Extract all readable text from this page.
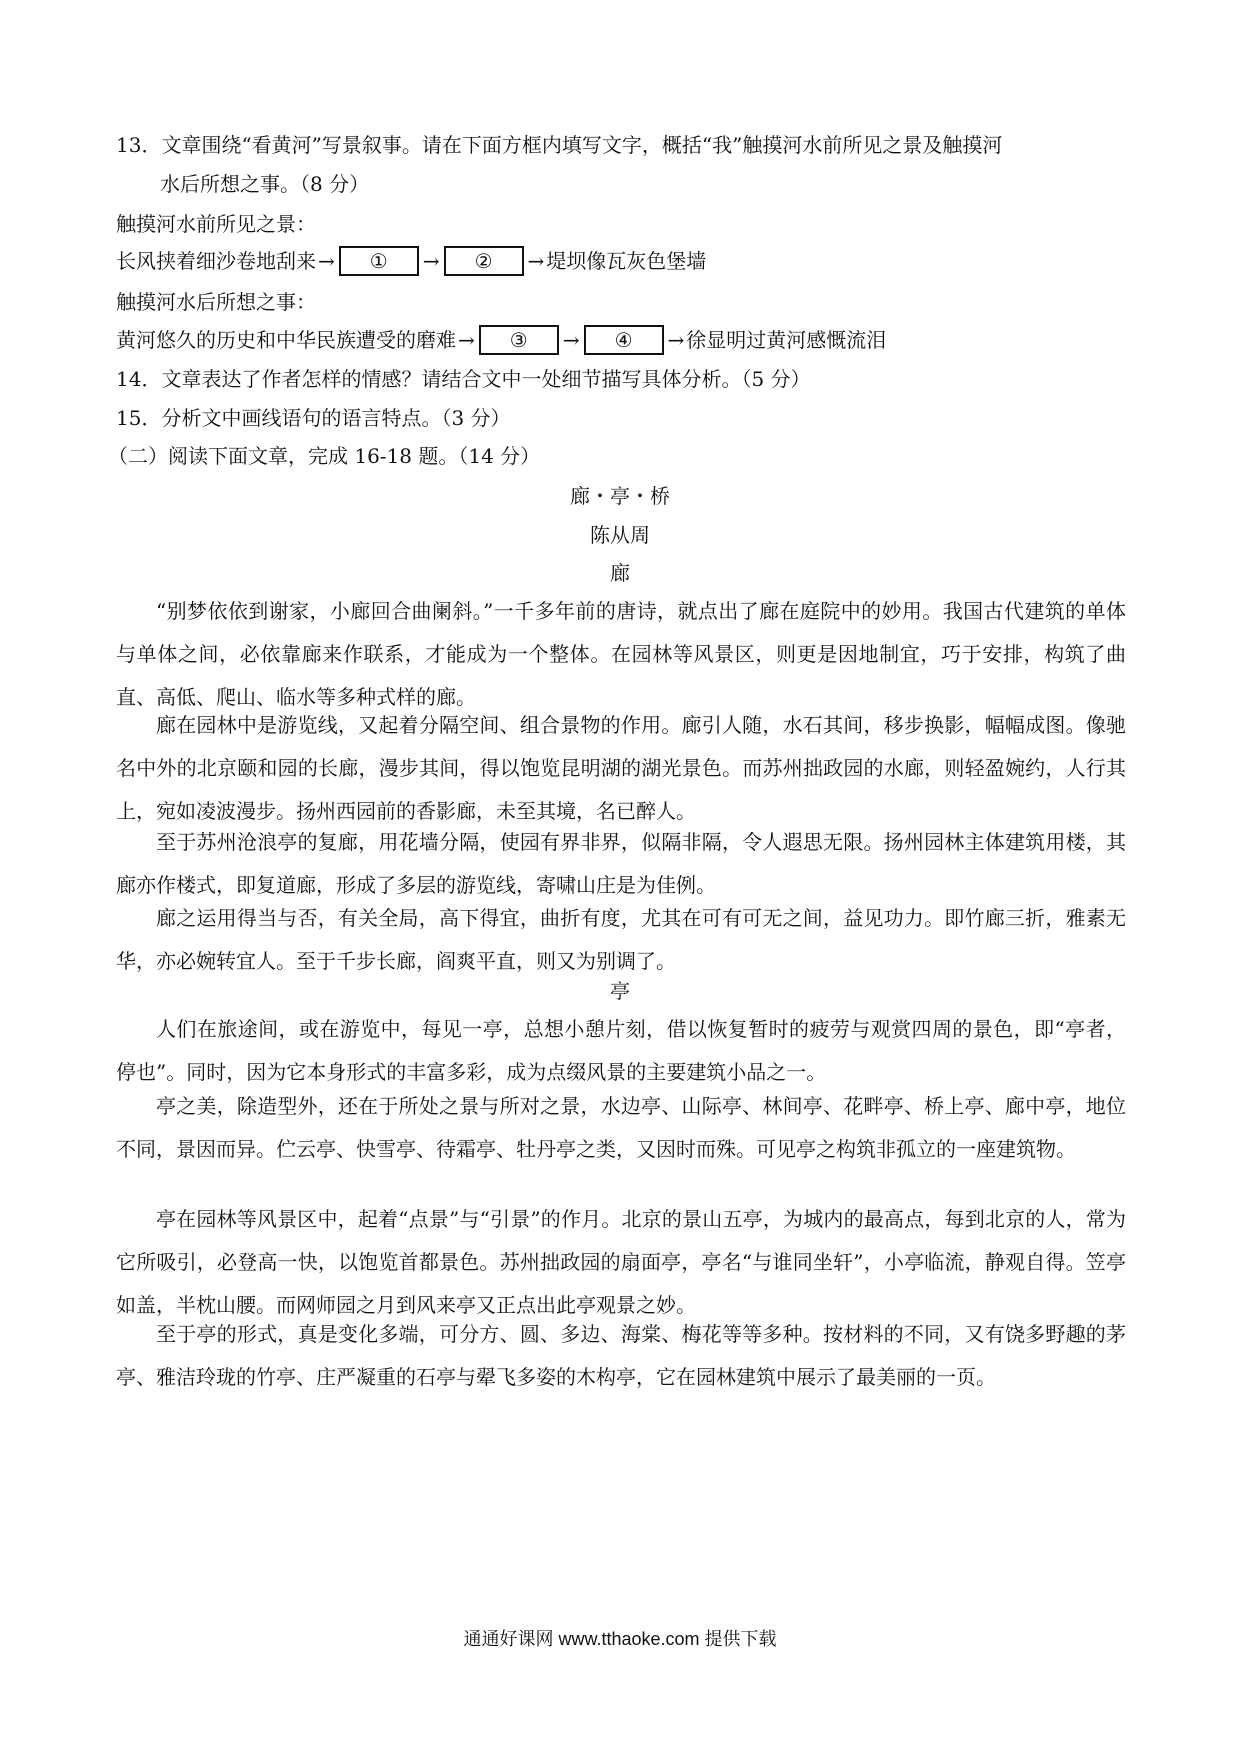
13．文章围绕“看黄河”写景叙事。请在下面方框内填写文字，概括“我”触摸河水前所见之景及触摸河
水后所想之事。（8 分）
触摸河水前所见之景：
长风挟着细沙卷地刮来 →	①	→	②	→ 堤坝像瓦灰色堡墙
触摸河水后所想之事：
黄河悠久的历史和中华民族遭受的磨难 →	③	→	④	→ 徐显明过黄河感慨流泪
14．文章表达了作者怎样的情感？请结合文中一处细节描写具体分析。（5 分）
15．分析文中画线语句的语言特点。（3 分）
（二）阅读下面文章，完成 16-18 题。（14 分）
廊・亭・桥
陈从周
廊
“别梦依依到谢家，小廊回合曲阑斜。”一千多年前的唐诗，就点出了廊在庭院中的妙用。我国古代建筑的单体与单体之间，必依靠廊来作联系，才能成为一个整体。在园林等风景区，则更是因地制宜，巧于安排，构筑了曲直、高低、爬山、临水等多种式样的廊。
廊在园林中是游览线，又起着分隔空间、组合景物的作用。廊引人随，水石其间，移步换影，幅幅成图。像驰名中外的北京颐和园的长廊，漫步其间，得以饱览昆明湖的湖光景色。而苏州拙政园的水廊，则轻盈婉约，人行其上，宛如凌波漫步。扬州西园前的香影廊，未至其境，名已醉人。
至于苏州沧浪亭的复廊，用花墙分隔，使园有界非界，似隔非隔，令人遐思无限。扬州园林主体建筑用楼，其廊亦作楼式，即复道廊，形成了多层的游览线，寄啸山庄是为佳例。
廊之运用得当与否，有关全局，高下得宜，曲折有度，尤其在可有可无之间，益见功力。即竹廊三折，雅素无华，亦必婉转宜人。至于千步长廊，阎爽平直，则又为别调了。
亭
人们在旅途间，或在游览中，每见一亭，总想小憩片刻，借以恢复暂时的疲劳与观赏四周的景色，即“亭者，停也”。同时，因为它本身形式的丰富多彩，成为点缀风景的主要建筑小品之一。
亭之美，除造型外，还在于所处之景与所对之景，水边亭、山际亭、林间亭、花畔亭、桥上亭、廊中亭，地位不同，景因而异。伫云亭、快雪亭、待霜亭、牡丹亭之类，又因时而殊。可见亭之构筑非孤立的一座建筑物。
亭在园林等风景区中，起着“点景”与“引景”的作月。北京的景山五亭，为城内的最高点，每到北京的人，常为它所吸引，必登高一快，以饱览首都景色。苏州拙政园的扇面亭，亭名“与谁同坐轩”，小亭临流，静观自得。笠亭如盖，半枕山腰。而网师园之月到风来亭又正点出此亭观景之妙。
至于亭的形式，真是变化多端，可分方、圆、多边、海棠、梅花等等多种。按材料的不同，又有饶多野趣的茅亭、雅洁玲珑的竹亭、庄严凝重的石亭与翚飞多姿的木构亭，它在园林建筑中展示了最美丽的一页。
通通好课网 www.tthaoke.com 提供下载
